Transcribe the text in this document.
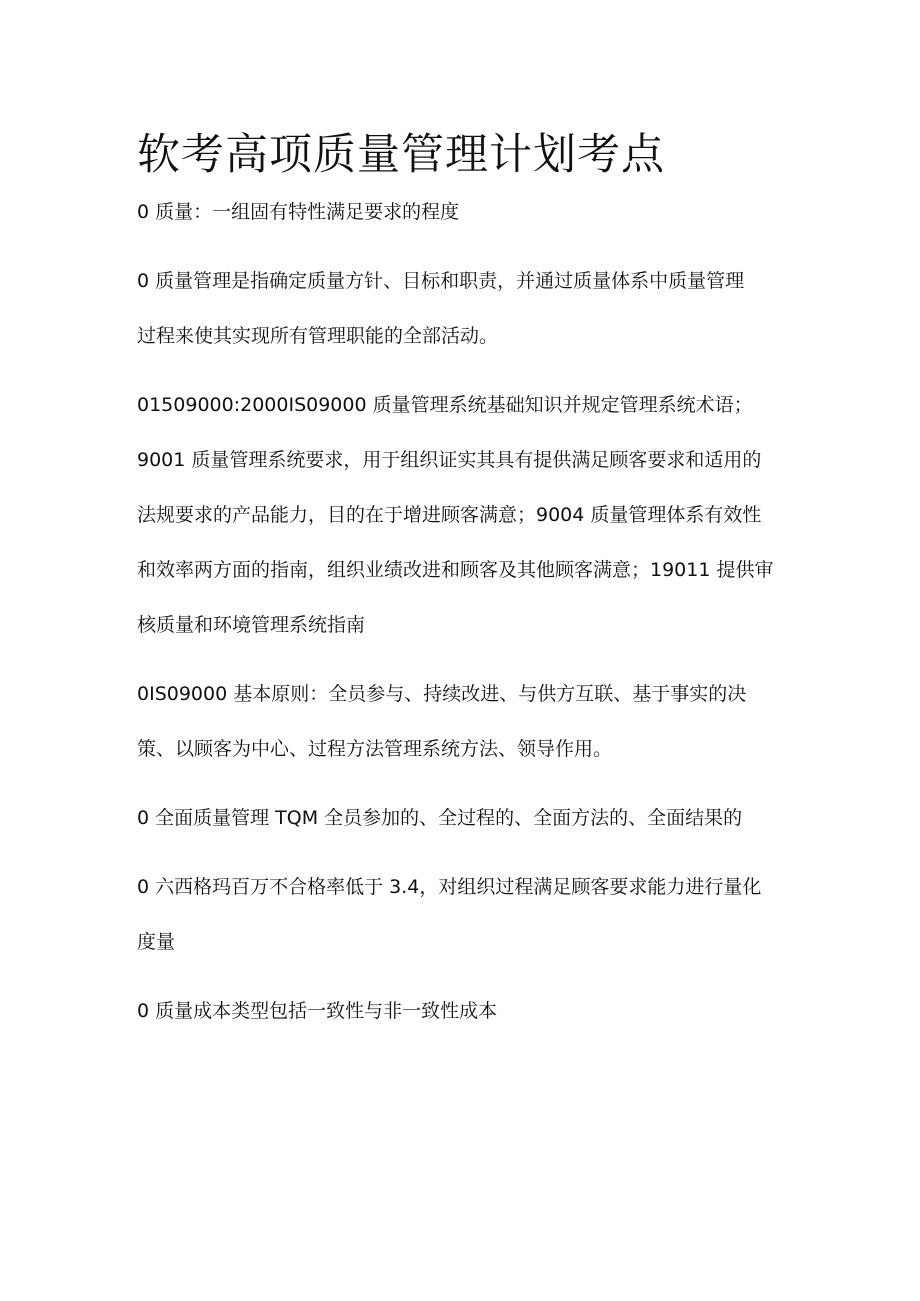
软考高项质量管理计划考点

0 质量：一组固有特性满足要求的程度

0 质量管理是指确定质量方针、目标和职责，并通过质量体系中质量管理
过程来使其实现所有管理职能的全部活动。

01509000:2000IS09000 质量管理系统基础知识并规定管理系统术语；
9001 质量管理系统要求，用于组织证实其具有提供满足顾客要求和适用的
法规要求的产品能力，目的在于增进顾客满意；9004 质量管理体系有效性
和效率两方面的指南，组织业绩改进和顾客及其他顾客满意；19011 提供审
核质量和环境管理系统指南

0IS09000 基本原则：全员参与、持续改进、与供方互联、基于事实的决
策、以顾客为中心、过程方法管理系统方法、领导作用。

0 全面质量管理 TQM 全员参加的、全过程的、全面方法的、全面结果的

0 六西格玛百万不合格率低于 3.4，对组织过程满足顾客要求能力进行量化
度量

0 质量成本类型包括一致性与非一致性成本
